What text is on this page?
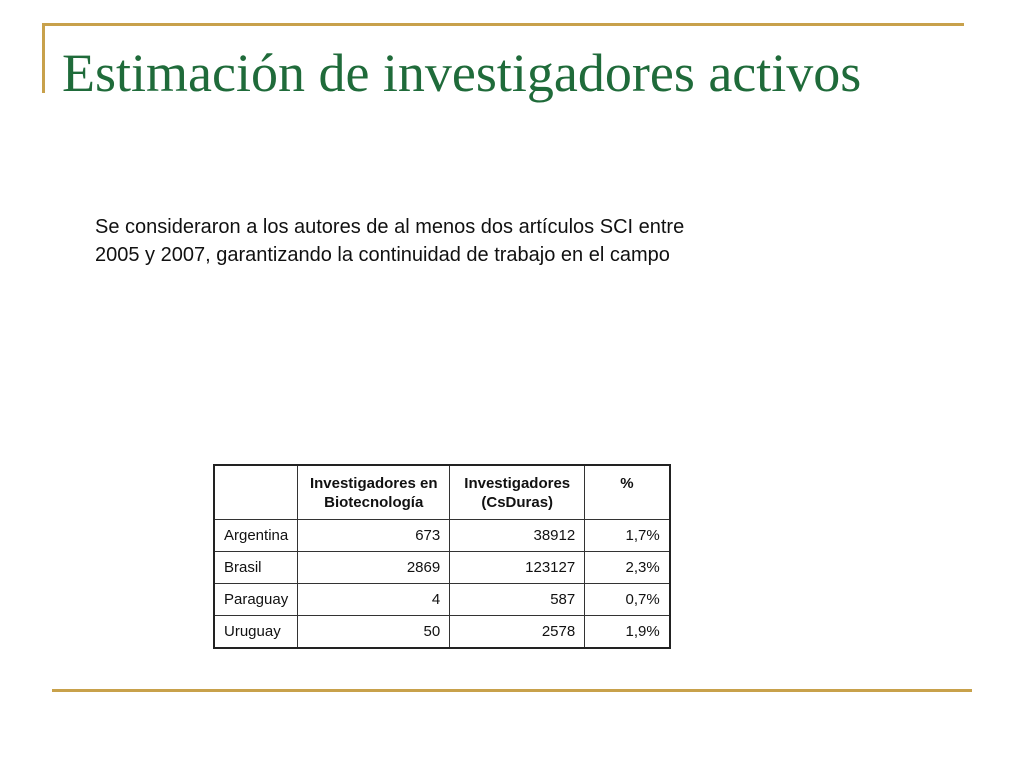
Estimación de investigadores activos

Se consideraron a los autores de al menos dos artículos SCI entre 2005 y 2007, garantizando la continuidad de trabajo en el campo

	Investigadores en Biotecnología	Investigadores (CsDuras)	%
Argentina	673	38912	1,7%
Brasil	2869	123127	2,3%
Paraguay	4	587	0,7%
Uruguay	50	2578	1,9%
